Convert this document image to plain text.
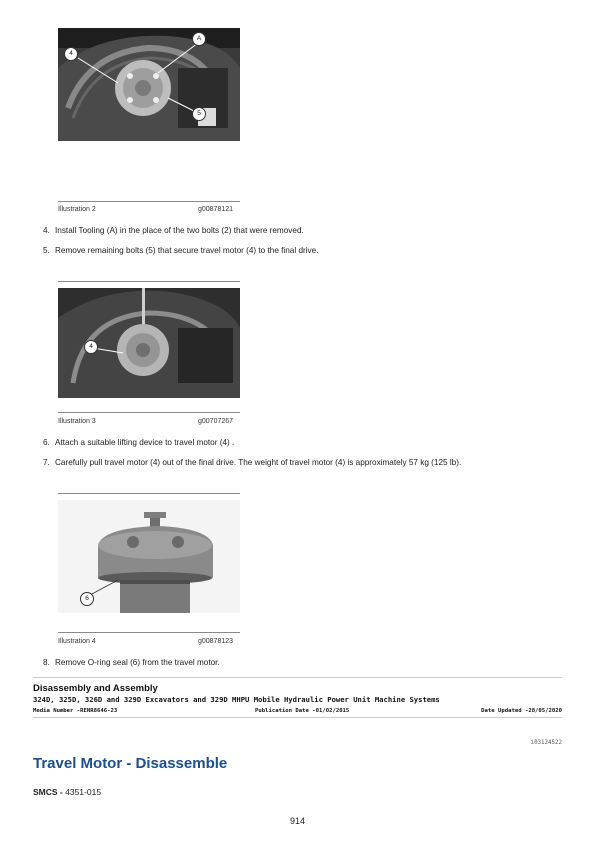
4
A
5
Illustration 2	g00878121
4. Install Tooling (A) in the place of the two bolts (2) that were removed.
5. Remove remaining bolts (5) that secure travel motor (4) to the final drive.
4
Illustration 3	g00707267
6. Attach a suitable lifting device to travel motor (4) .
7. Carefully pull travel motor (4) out of the final drive. The weight of travel motor (4) is approximately 57 kg (125 lb).
6
Illustration 4	g00878123
8. Remove O-ring seal (6) from the travel motor.
Disassembly and Assembly
324D, 325D, 326D and 329D Excavators and 329D MHPU Mobile Hydraulic Power Unit Machine Systems
Media Number -RENR8646-23	Publication Date -01/02/2015	Date Updated -28/05/2020
i03124522
Travel Motor - Disassemble
SMCS - 4351-015
914
